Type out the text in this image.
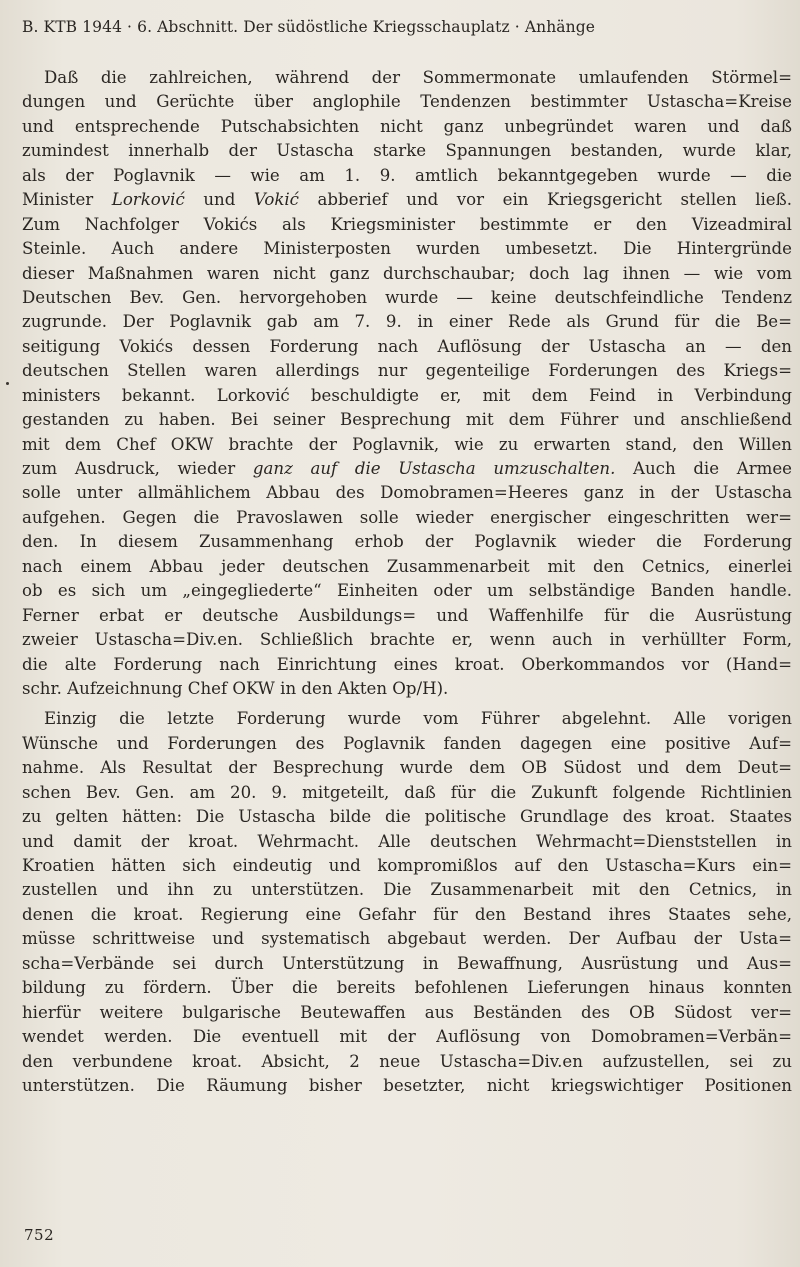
B. KTB 1944 · 6. Abschnitt. Der südöstliche Kriegsschauplatz · Anhänge
Daß die zahlreichen, während der Sommermonate umlaufenden Störmel=
dungen und Gerüchte über anglophile Tendenzen bestimmter Ustascha=Kreise
und entsprechende Putschabsichten nicht ganz unbegründet waren und daß
zumindest innerhalb der Ustascha starke Spannungen bestanden, wurde klar,
als der Poglavnik — wie am 1. 9. amtlich bekanntgegeben wurde — die
Minister Lorković und Vokić abberief und vor ein Kriegsgericht stellen ließ.
Zum Nachfolger Vokićs als Kriegsminister bestimmte er den Vizeadmiral
Steinle. Auch andere Ministerposten wurden umbesetzt. Die Hintergründe
dieser Maßnahmen waren nicht ganz durchschaubar; doch lag ihnen — wie vom
Deutschen Bev. Gen. hervorgehoben wurde — keine deutschfeindliche Tendenz
zugrunde. Der Poglavnik gab am 7. 9. in einer Rede als Grund für die Be=
seitigung Vokićs dessen Forderung nach Auflösung der Ustascha an — den
deutschen Stellen waren allerdings nur gegenteilige Forderungen des Kriegs=
ministers bekannt. Lorković beschuldigte er, mit dem Feind in Verbindung
gestanden zu haben. Bei seiner Besprechung mit dem Führer und anschließend
mit dem Chef OKW brachte der Poglavnik, wie zu erwarten stand, den Willen
zum Ausdruck, wieder ganz auf die Ustascha umzuschalten. Auch die Armee
solle unter allmählichem Abbau des Domobramen=Heeres ganz in der Ustascha
aufgehen. Gegen die Pravoslawen solle wieder energischer eingeschritten wer=
den. In diesem Zusammenhang erhob der Poglavnik wieder die Forderung
nach einem Abbau jeder deutschen Zusammenarbeit mit den Cetnics, einerlei
ob es sich um „eingegliederte“ Einheiten oder um selbständige Banden handle.
Ferner erbat er deutsche Ausbildungs= und Waffenhilfe für die Ausrüstung
zweier Ustascha=Div.en. Schließlich brachte er, wenn auch in verhüllter Form,
die alte Forderung nach Einrichtung eines kroat. Oberkommandos vor (Hand=
schr. Aufzeichnung Chef OKW in den Akten Op/H).
Einzig die letzte Forderung wurde vom Führer abgelehnt. Alle vorigen
Wünsche und Forderungen des Poglavnik fanden dagegen eine positive Auf=
nahme. Als Resultat der Besprechung wurde dem OB Südost und dem Deut=
schen Bev. Gen. am 20. 9. mitgeteilt, daß für die Zukunft folgende Richtlinien
zu gelten hätten: Die Ustascha bilde die politische Grundlage des kroat. Staates
und damit der kroat. Wehrmacht. Alle deutschen Wehrmacht=Dienststellen in
Kroatien hätten sich eindeutig und kompromißlos auf den Ustascha=Kurs ein=
zustellen und ihn zu unterstützen. Die Zusammenarbeit mit den Cetnics, in
denen die kroat. Regierung eine Gefahr für den Bestand ihres Staates sehe,
müsse schrittweise und systematisch abgebaut werden. Der Aufbau der Usta=
scha=Verbände sei durch Unterstützung in Bewaffnung, Ausrüstung und Aus=
bildung zu fördern. Über die bereits befohlenen Lieferungen hinaus konnten
hierfür weitere bulgarische Beutewaffen aus Beständen des OB Südost ver=
wendet werden. Die eventuell mit der Auflösung von Domobramen=Verbän=
den verbundene kroat. Absicht, 2 neue Ustascha=Div.en aufzustellen, sei zu
unterstützen. Die Räumung bisher besetzter, nicht kriegswichtiger Positionen
752
